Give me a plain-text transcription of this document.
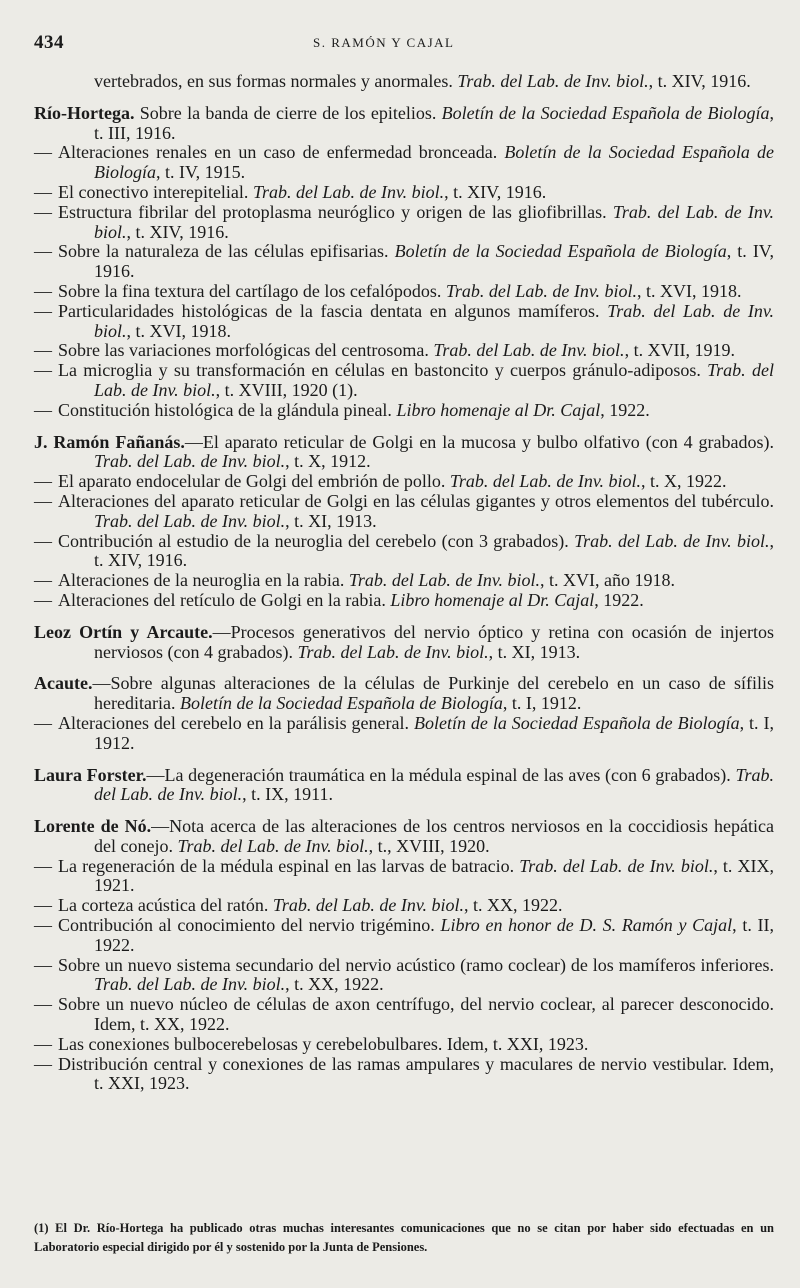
434	S. RAMÓN Y CAJAL

vertebrados, en sus formas normales y anormales. Trab. del Lab. de Inv. biol., t. XIV, 1916.

Río-Hortega. Sobre la banda de cierre de los epitelios. Boletín de la Sociedad Española de Biología, t. III, 1916.

— Alteraciones renales en un caso de enfermedad bronceada. Boletín de la Sociedad Española de Biología, t. IV, 1915.

— El conectivo interepitelial. Trab. del Lab. de Inv. biol., t. XIV, 1916.

— Estructura fibrilar del protoplasma neuróglico y origen de las gliofibrillas. Trab. del Lab. de Inv. biol., t. XIV, 1916.

— Sobre la naturaleza de las células epifisarias. Boletín de la Sociedad Española de Biología, t. IV, 1916.

— Sobre la fina textura del cartílago de los cefalópodos. Trab. del Lab. de Inv. biol., t. XVI, 1918.

— Particularidades histológicas de la fascia dentata en algunos mamíferos. Trab. del Lab. de Inv. biol., t. XVI, 1918.

— Sobre las variaciones morfológicas del centrosoma. Trab. del Lab. de Inv. biol., t. XVII, 1919.

— La microglia y su transformación en células en bastoncito y cuerpos gránulo-adiposos. Trab. del Lab. de Inv. biol., t. XVIII, 1920 (1).

— Constitución histológica de la glándula pineal. Libro homenaje al Dr. Cajal, 1922.

J. Ramón Fañanás.—El aparato reticular de Golgi en la mucosa y bulbo olfativo (con 4 grabados). Trab. del Lab. de Inv. biol., t. X, 1912.

— El aparato endocelular de Golgi del embrión de pollo. Trab. del Lab. de Inv. biol., t. X, 1922.

— Alteraciones del aparato reticular de Golgi en las células gigantes y otros elementos del tubérculo. Trab. del Lab. de Inv. biol., t. XI, 1913.

— Contribución al estudio de la neuroglia del cerebelo (con 3 grabados). Trab. del Lab. de Inv. biol., t. XIV, 1916.

— Alteraciones de la neuroglia en la rabia. Trab. del Lab. de Inv. biol., t. XVI, año 1918.

— Alteraciones del retículo de Golgi en la rabia. Libro homenaje al Dr. Cajal, 1922.

Leoz Ortín y Arcaute.—Procesos generativos del nervio óptico y retina con ocasión de injertos nerviosos (con 4 grabados). Trab. del Lab. de Inv. biol., t. XI, 1913.

Acaute.—Sobre algunas alteraciones de la células de Purkinje del cerebelo en un caso de sífilis hereditaria. Boletín de la Sociedad Española de Biología, t. I, 1912.

— Alteraciones del cerebelo en la parálisis general. Boletín de la Sociedad Española de Biología, t. I, 1912.

Laura Forster.—La degeneración traumática en la médula espinal de las aves (con 6 grabados). Trab. del Lab. de Inv. biol., t. IX, 1911.

Lorente de Nó.—Nota acerca de las alteraciones de los centros nerviosos en la coccidiosis hepática del conejo. Trab. del Lab. de Inv. biol., t., XVIII, 1920.

— La regeneración de la médula espinal en las larvas de batracio. Trab. del Lab. de Inv. biol., t. XIX, 1921.

— La corteza acústica del ratón. Trab. del Lab. de Inv. biol., t. XX, 1922.

— Contribución al conocimiento del nervio trigémino. Libro en honor de D. S. Ramón y Cajal, t. II, 1922.

— Sobre un nuevo sistema secundario del nervio acústico (ramo coclear) de los mamíferos inferiores. Trab. del Lab. de Inv. biol., t. XX, 1922.

— Sobre un nuevo núcleo de células de axon centrífugo, del nervio coclear, al parecer desconocido. Idem, t. XX, 1922.

— Las conexiones bulbocerebelosas y cerebelobulbares. Idem, t. XXI, 1923.

— Distribución central y conexiones de las ramas ampulares y maculares de nervio vestibular. Idem, t. XXI, 1923.

(1) El Dr. Río-Hortega ha publicado otras muchas interesantes comunicaciones que no se citan por haber sido efectuadas en un Laboratorio especial dirigido por él y sostenido por la Junta de Pensiones.
